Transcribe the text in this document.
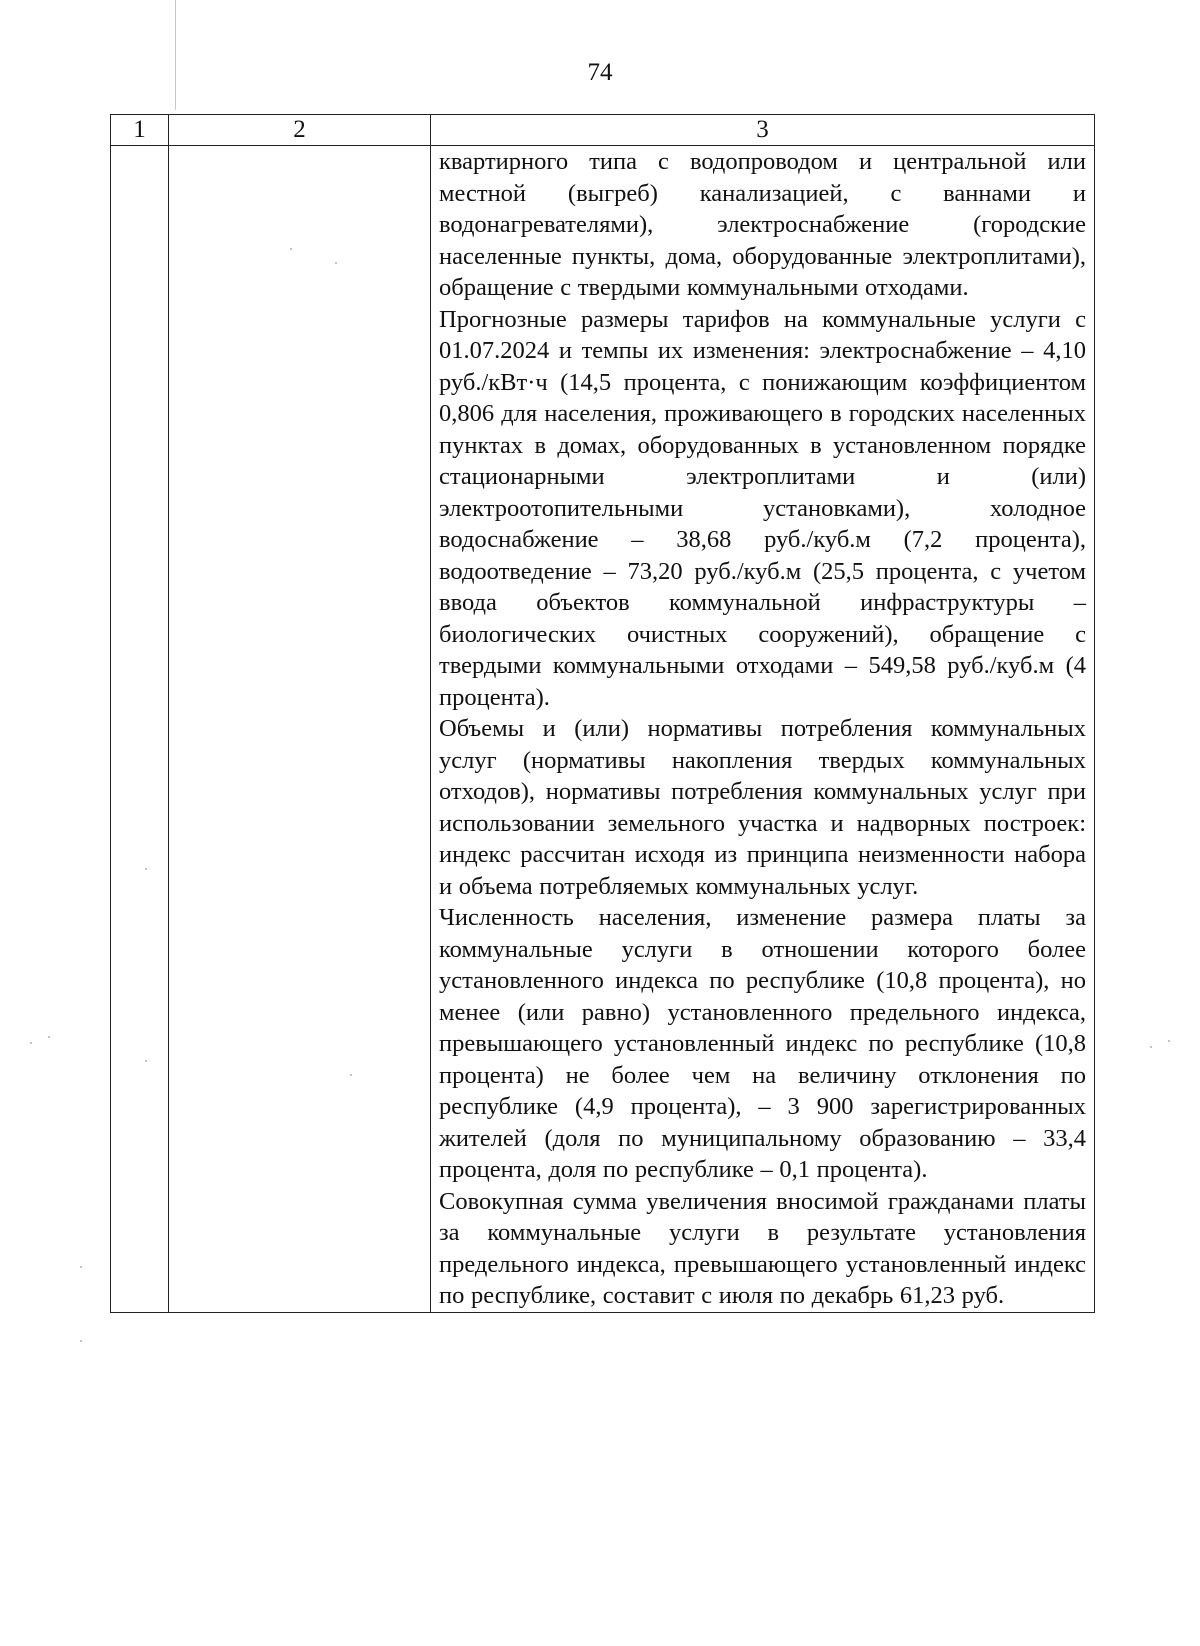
74
1	2	3

		квартирного типа с водопроводом и центральной или местной (выгреб) канализацией, с ваннами и водонагревателями), электроснабжение (городские населенные пункты, дома, оборудованные электроплитами), обращение с твердыми коммунальными отходами.

Прогнозные размеры тарифов на коммунальные услуги с 01.07.2024 и темпы их изменения: электроснабжение – 4,10 руб./кВт·ч (14,5 процента, с понижающим коэффициентом 0,806 для населения, проживающего в городских населенных пунктах в домах, оборудованных в установленном порядке стационарными электроплитами и (или) электроотопительными установками), холодное водоснабжение – 38,68 руб./куб.м (7,2 процента), водоотведение – 73,20 руб./куб.м (25,5 процента, с учетом ввода объектов коммунальной инфраструктуры – биологических очистных сооружений), обращение с твердыми коммунальными отходами – 549,58 руб./куб.м (4 процента).

Объемы и (или) нормативы потребления коммунальных услуг (нормативы накопления твердых коммунальных отходов), нормативы потребления коммунальных услуг при использовании земельного участка и надворных построек: индекс рассчитан исходя из принципа неизменности набора и объема потребляемых коммунальных услуг.

Численность населения, изменение размера платы за коммунальные услуги в отношении которого более установленного индекса по республике (10,8 процента), но менее (или равно) установленного предельного индекса, превышающего установленный индекс по республике (10,8 процента) не более чем на величину отклонения по республике (4,9 процента), – 3 900 зарегистрированных жителей (доля по муниципальному образованию – 33,4 процента, доля по республике – 0,1 процента).

Совокупная сумма увеличения вносимой гражданами платы за коммунальные услуги в результате установления предельного индекса, превышающего установленный индекс по республике, составит с июля по декабрь 61,23 руб.
